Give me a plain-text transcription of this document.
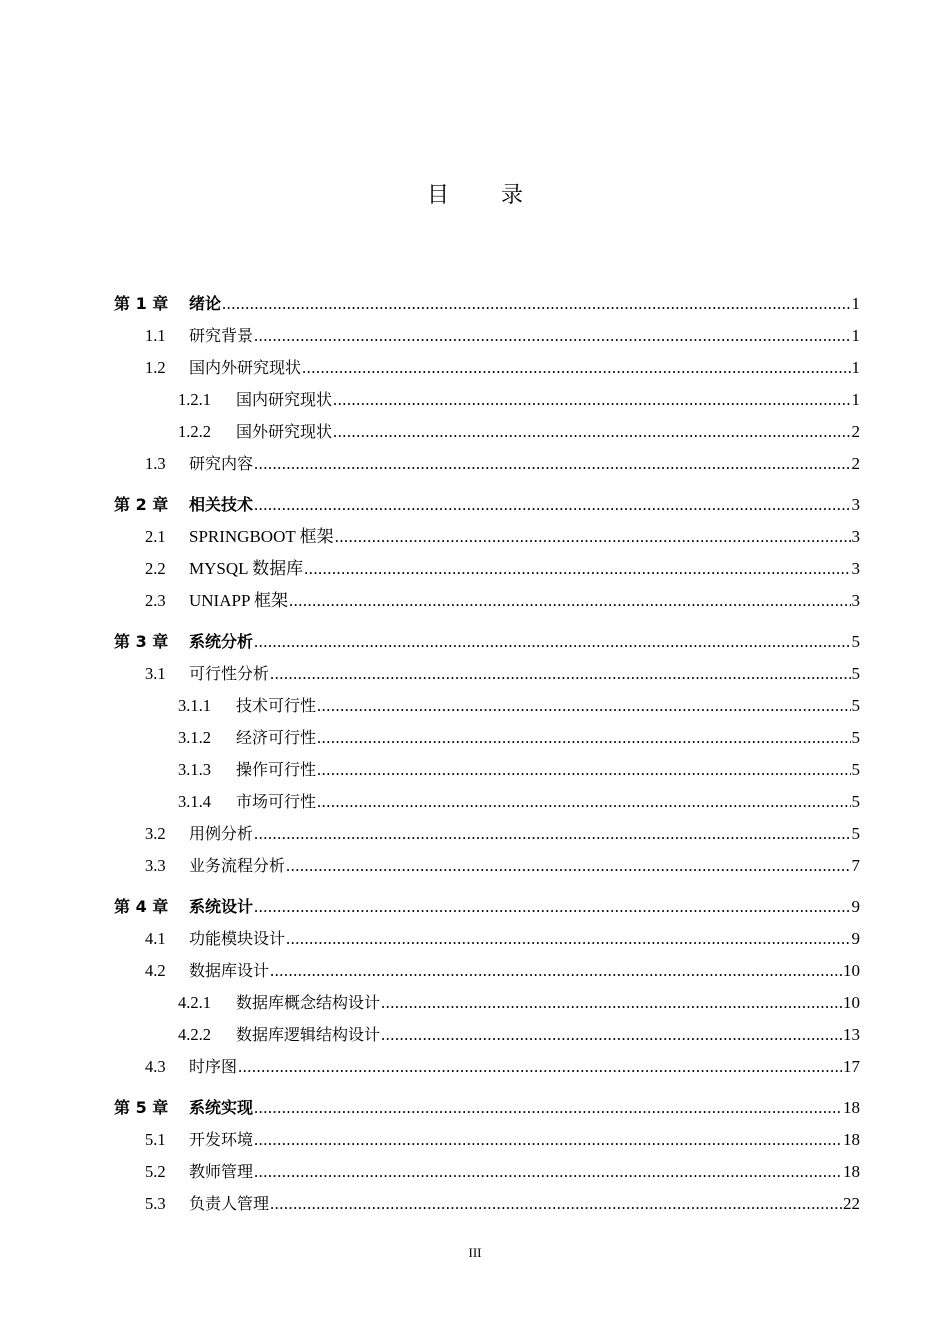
目录
第 1 章	绪论 .....	1
1.1	研究背景 .....	1
1.2	国内外研究现状 .....	1
1.2.1	国内研究现状 .....	1
1.2.2	国外研究现状 .....	2
1.3	研究内容 .....	2
第 2 章	相关技术 .....	3
2.1	SPRINGBOOT 框架 .....	3
2.2	MYSQL 数据库 .....	3
2.3	UNIAPP 框架 .....	3
第 3 章	系统分析 .....	5
3.1	可行性分析 .....	5
3.1.1	技术可行性 .....	5
3.1.2	经济可行性 .....	5
3.1.3	操作可行性 .....	5
3.1.4	市场可行性 .....	5
3.2	用例分析 .....	5
3.3	业务流程分析 .....	7
第 4 章	系统设计 .....	9
4.1	功能模块设计 .....	9
4.2	数据库设计 .....	10
4.2.1	数据库概念结构设计 .....	10
4.2.2	数据库逻辑结构设计 .....	13
4.3	时序图 .....	17
第 5 章	系统实现 .....	18
5.1	开发环境 .....	18
5.2	教师管理 .....	18
5.3	负责人管理 .....	22
III
